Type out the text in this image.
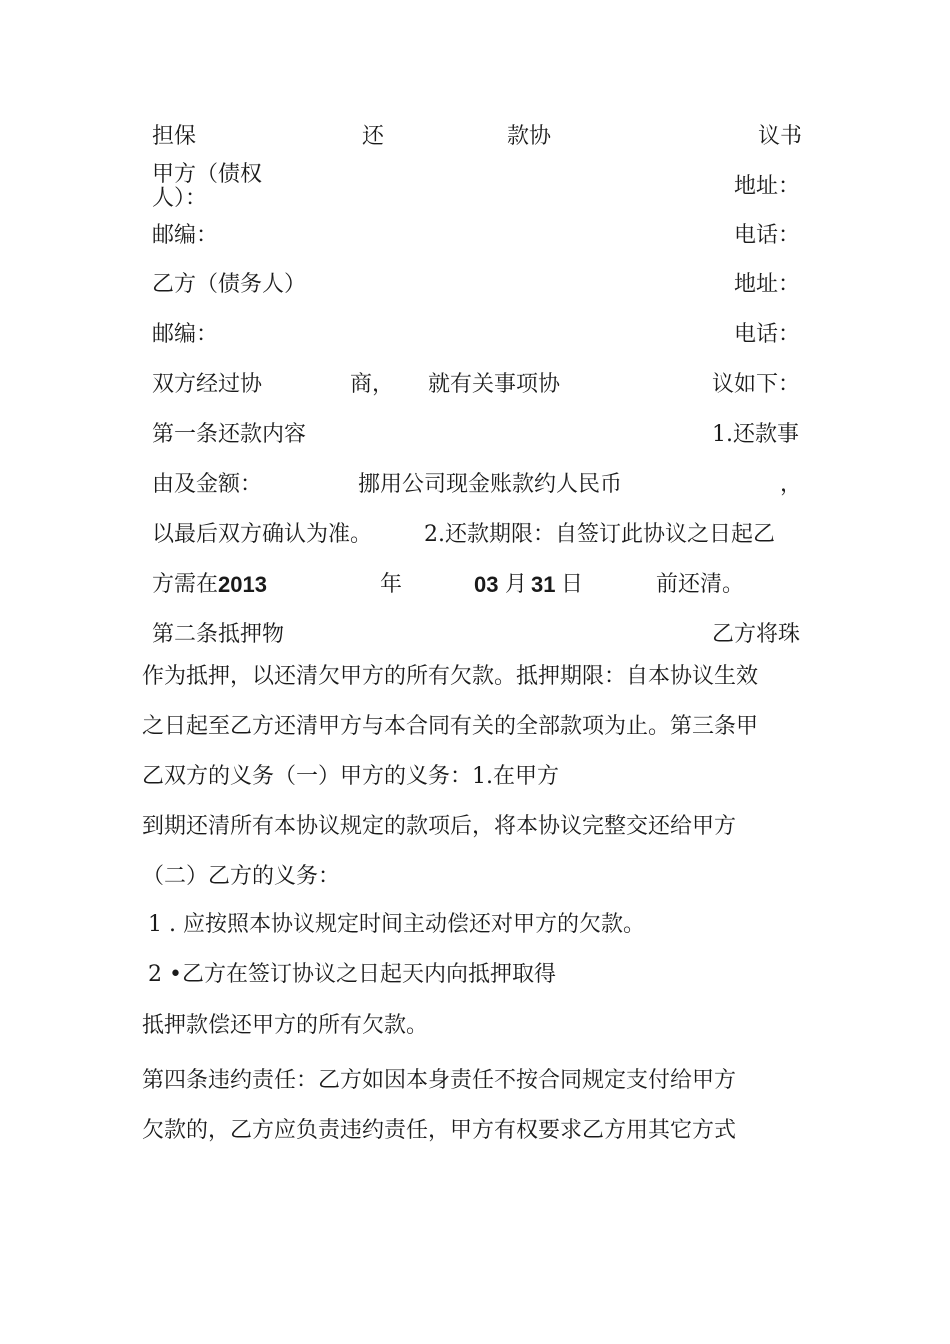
担保	还	款协	议书
甲方（债权人）：	地址：
邮编：	电话：
乙方（债务人）	地址：
邮编：	电话：
双方经过协	商， 就有关事项协	议如下：
第一条还款内容	1.还款事
由及金额：	挪用公司现金账款约人民币	，
以最后双方确认为准。 2.还款期限：自签订此协议之日起乙
方需在 2013	年	03 月 31 日	前还清。
第二条抵押物	乙方将珠
作为抵押，以还清欠甲方的所有欠款。抵押期限：自本协议生效
之日起至乙方还清甲方与本合同有关的全部款项为止。第三条甲
乙双方的义务（一）甲方的义务：1.在甲方
到期还清所有本协议规定的款项后，将本协议完整交还给甲方
（二）乙方的义务：
1 . 应按照本协议规定时间主动偿还对甲方的欠款。
2 •乙方在签订协议之日起天内向抵押取得
抵押款偿还甲方的所有欠款。
第四条违约责任：乙方如因本身责任不按合同规定支付给甲方
欠款的，乙方应负责违约责任，甲方有权要求乙方用其它方式
